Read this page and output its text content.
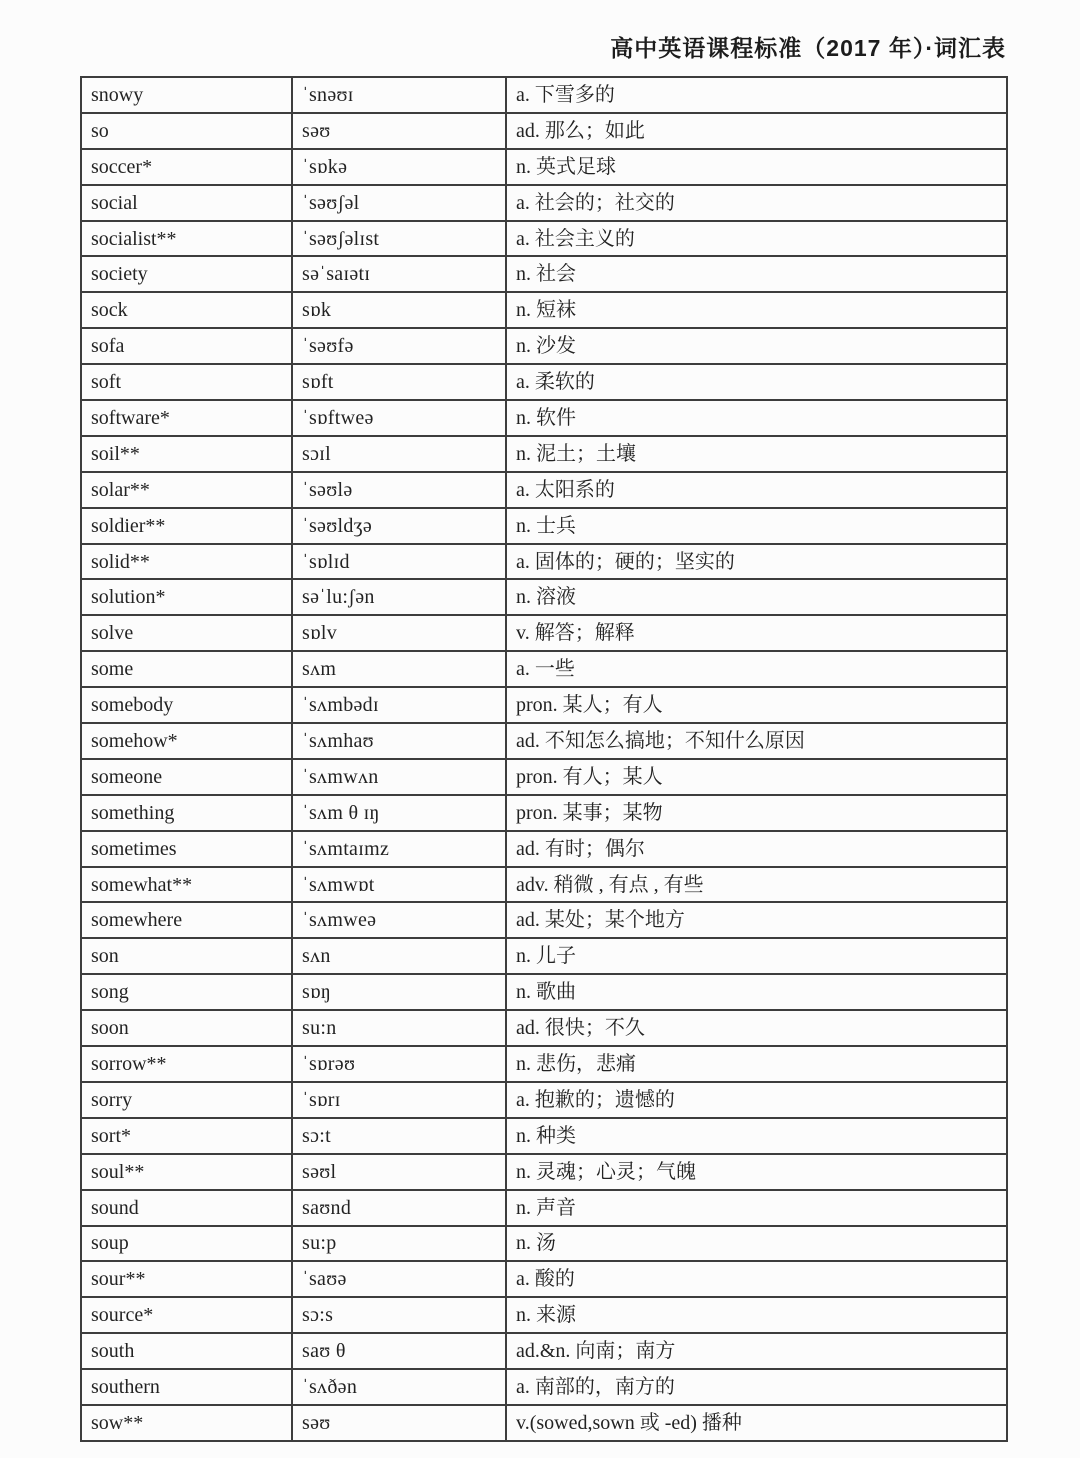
高中英语课程标准（2017 年）·词汇表
snowy	ˈsnəʊɪ	a. 下雪多的
so	səʊ	ad. 那么；如此
soccer*	ˈsɒkə	n. 英式足球
social	ˈsəʊʃəl	a. 社会的；社交的
socialist**	ˈsəʊʃəlɪst	a. 社会主义的
society	səˈsaɪətɪ	n. 社会
sock	sɒk	n. 短袜
sofa	ˈsəʊfə	n. 沙发
soft	sɒft	a. 柔软的
software*	ˈsɒftweə	n. 软件
soil**	sɔɪl	n. 泥土；土壤
solar**	ˈsəʊlə	a. 太阳系的
soldier**	ˈsəʊldʒə	n. 士兵
solid**	ˈsɒlɪd	a. 固体的；硬的；坚实的
solution*	səˈlu:ʃən	n. 溶液
solve	sɒlv	v. 解答；解释
some	sʌm	a. 一些
somebody	ˈsʌmbədɪ	pron. 某人；有人
somehow*	ˈsʌmhaʊ	ad. 不知怎么搞地；不知什么原因
someone	ˈsʌmwʌn	pron. 有人；某人
something	ˈsʌm θ ɪŋ	pron. 某事；某物
sometimes	ˈsʌmtaɪmz	ad. 有时；偶尔
somewhat**	ˈsʌmwɒt	adv. 稍微 , 有点 , 有些
somewhere	ˈsʌmweə	ad. 某处；某个地方
son	sʌn	n. 儿子
song	sɒŋ	n. 歌曲
soon	su:n	ad. 很快；不久
sorrow**	ˈsɒrəʊ	n. 悲伤，悲痛
sorry	ˈsɒrɪ	a. 抱歉的；遗憾的
sort*	sɔ:t	n. 种类
soul**	səʊl	n. 灵魂；心灵；气魄
sound	saʊnd	n. 声音
soup	su:p	n. 汤
sour**	ˈsaʊə	a. 酸的
source*	sɔ:s	n. 来源
south	saʊ θ	ad.&n. 向南；南方
southern	ˈsʌðən	a. 南部的，南方的
sow**	səʊ	v.(sowed,sown 或 -ed) 播种
